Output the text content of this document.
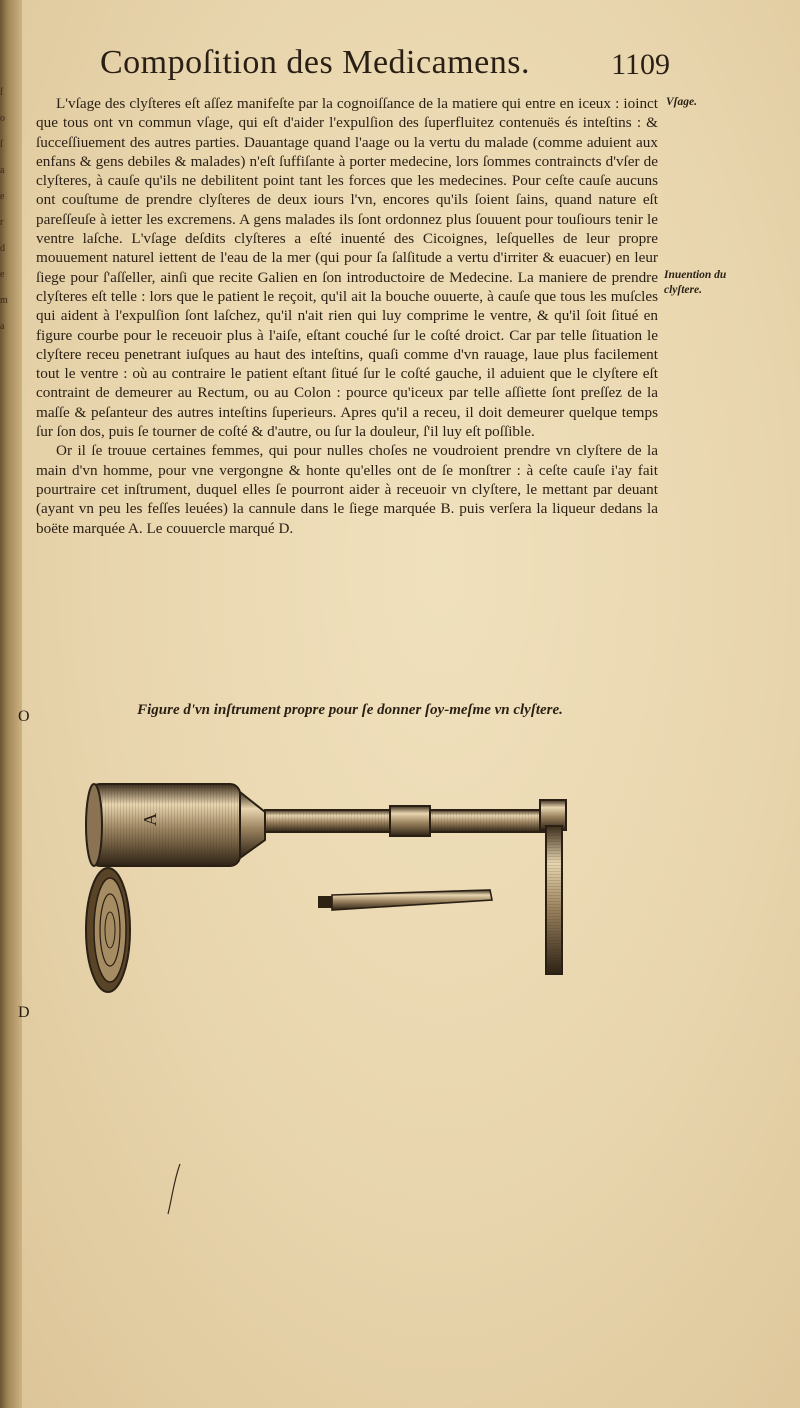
ſ
o
ſ
a
e
r
d
e
m
a
Compoſition des Medicamens.	1109

L'vſage des clyſteres eſt aſſez manifeſte par la cognoiſſance de la matiere qui entre en iceux : ioinct que tous ont vn commun vſage, qui eſt d'aider l'expulſion des ſuperfluitez contenuës és inteſtins : & ſucceſſiuement des autres parties. Dauantage quand l'aage ou la vertu du malade (comme aduient aux enfans & gens debiles & malades) n'eſt ſuffiſante à porter medecine, lors ſommes contraincts d'vſer de clyſteres, à cauſe qu'ils ne debilitent point tant les forces que les medecines. Pour ceſte cauſe aucuns ont couſtume de prendre clyſteres de deux iours l'vn, encores qu'ils ſoient ſains, quand nature eſt pareſſeuſe à ietter les excremens. A gens malades ils ſont ordonnez plus ſouuent pour touſiours tenir le ventre laſche. L'vſage deſdits clyſteres a eſté inuenté des Cicoignes, leſquelles de leur propre mouuement naturel iettent de l'eau de la mer (qui pour ſa ſalſitude a vertu d'irriter & euacuer) en leur ſiege pour ſ'aſſeller, ainſi que recite Galien en ſon introductoire de Medecine. La maniere de prendre clyſteres eſt telle : lors que le patient le reçoit, qu'il ait la bouche ouuerte, à cauſe que tous les muſcles qui aident à l'expulſion ſont laſchez, qu'il n'ait rien qui luy comprime le ventre, & qu'il ſoit ſitué en figure courbe pour le receuoir plus à l'aiſe, eſtant couché ſur le coſté droict. Car par telle ſituation le clyſtere receu penetrant iuſques au haut des inteſtins, quaſi comme d'vn rauage, laue plus facilement tout le ventre : où au contraire le patient eſtant ſitué ſur le coſté gauche, il aduient que le clyſtere eſt contraint de demeurer au Rectum, ou au Colon : pource qu'iceux par telle aſſiette ſont preſſez de la maſſe & peſanteur des autres inteſtins ſuperieurs. Apres qu'il a receu, il doit demeurer quelque temps ſur ſon dos, puis ſe tourner de coſté & d'autre, ou ſur la douleur, ſ'il luy eſt poſſible.

Or il ſe trouue certaines femmes, qui pour nulles choſes ne voudroient prendre vn clyſtere de la main d'vn homme, pour vne vergongne & honte qu'elles ont de ſe monſtrer : à ceſte cauſe i'ay fait pourtraire cet inſtrument, duquel elles ſe pourront aider à receuoir vn clyſtere, le mettant par deuant (ayant vn peu les feſſes leuées) la cannule dans le ſiege marquée B. puis verſera la liqueur dedans la boëte marquée A. Le couuercle marqué D.

Vſage.
Inuention du
clyſtere.
O
D
Figure d'vn inſtrument propre pour ſe donner ſoy-meſme vn clyſtere.
A
